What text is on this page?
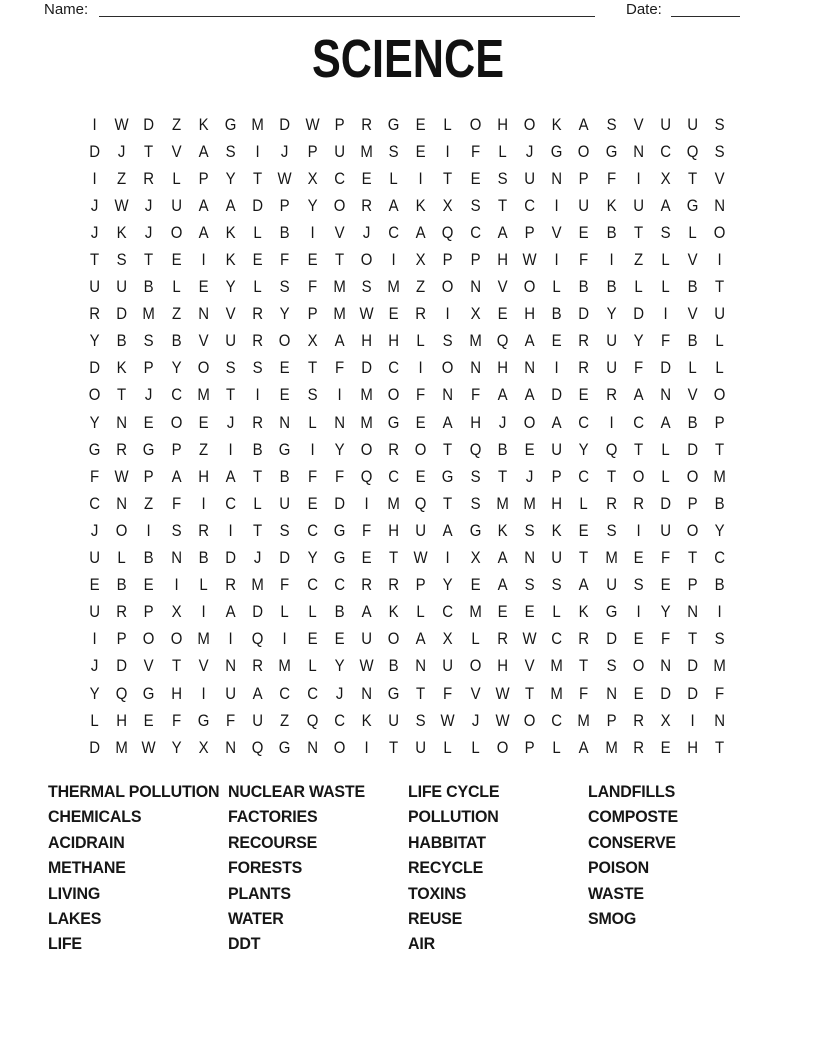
Name:	Date:
SCIENCE
I	W D	Z	K G M D W P R G E	L	O H O K	A	S	V U U S
D	J	T	V	A	S	I	J	P U M S	E	I	F	L	J	G O G N C Q S
I	Z	R	L	P	Y	T W X C E	L	I	T	E	S U N P	F	I	X	T	V
J W J	U A	A D P	Y O R A	K	X	S	T	C	I	U K U A G N
J	K	J	O A	K	L	B	I	V	J	C A Q C A	P	V	E	B	T	S	L	O
T	S	T	E	I	K	E	F	E	T O	I	X	P	P H W	I	F	I	Z	L	V	I
U U B	L	E	Y	L	S	F M S M Z O N V O	L	B	B	L	L	B	T
R D M Z	N V R Y	P M W E R	I	X	E H B D Y D	I	V U
Y	B	S	B	V U R O X	A H H	L	S M Q A	E R U Y	F	B	L
D K	P	Y O S	S	E	T	F	D C	I	O N H N	I	R U	F	D	L	L
O T	J	C M T	I	E	S	I	M O F	N	F	A	A D E R A N V O
Y N E O E	J	R N	L	N M G E	A H	J	O A C	I	C A	B	P
G R G P	Z	I	B G	I	Y O R O T Q B	E U Y Q T	L	D	T
F W P	A H A	T	B	F	F Q C E G S	T	J	P C	T O	L	O M
C N	Z	F	I	C	L	U E D	I	M Q T	S M M H	L	R R D P	B
J	O	I	S R	I	T	S C G F	H U A G K	S	K	E	S	I	U O Y
U	L	B N B D	J	D Y G E	T W	I	X	A N U	T M E	F	T	C
E	B	E	I	L	R M F	C C R R P	Y	E	A	S	S	A U S	E	P	B
U R P	X	I	A D	L	L	B	A	K	L	C M E	E	L	K G	I	Y N	I
I	P O O M	I	Q	I	E	E U O A	X	L	R W C R D E	F	T	S
J	D V	T	V N R M L	Y W B N U O H V M T	S O N D M
Y Q G H	I	U A C C	J	N G T	F	V W T M F	N E D D	F
L	H E	F G F	U	Z Q C K U S W J W O C M P R X	I	N
D M W Y	X N Q G N O	I	T	U	L	L	O P	L	A M R E H	T
THERMAL POLLUTION
CHEMICALS
ACIDRAIN
METHANE
LIVING
LAKES
LIFE
NUCLEAR WASTE
FACTORIES
RECOURSE
FORESTS
PLANTS
WATER
DDT
LIFE CYCLE
POLLUTION
HABBITAT
RECYCLE
TOXINS
REUSE
AIR
LANDFILLS
COMPOSTE
CONSERVE
POISON
WASTE
SMOG
